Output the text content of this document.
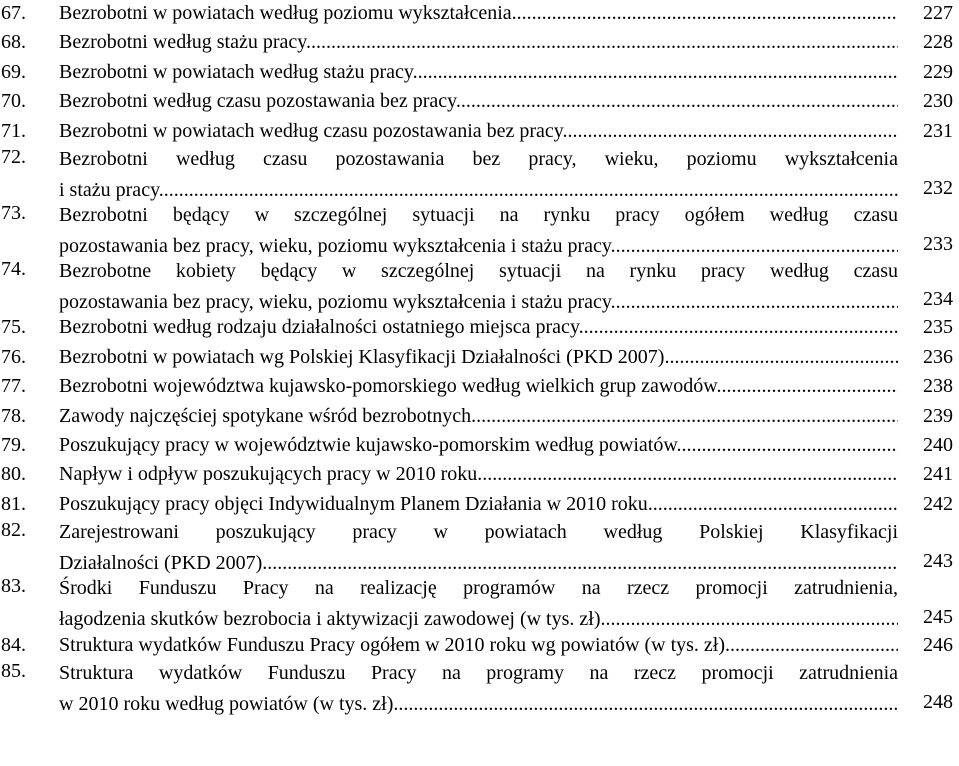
67. Bezrobotni w powiatach według poziomu wykształcenia .....	227
68. Bezrobotni według stażu pracy .....	228
69. Bezrobotni w powiatach według stażu pracy .....	229
70. Bezrobotni według czasu pozostawania bez pracy .....	230
71. Bezrobotni w powiatach według czasu pozostawania bez pracy .....	231
72. Bezrobotni według czasu pozostawania bez pracy, wieku, poziomu wykształcenia
i stażu pracy .....	232
73. Bezrobotni będący w szczególnej sytuacji na rynku pracy ogółem według czasu
pozostawania bez pracy, wieku, poziomu wykształcenia i stażu pracy .....	233
74. Bezrobotne kobiety będący w szczególnej sytuacji na rynku pracy według czasu
pozostawania bez pracy, wieku, poziomu wykształcenia i stażu pracy .....	234
75. Bezrobotni według rodzaju działalności ostatniego miejsca pracy .....	235
76. Bezrobotni w powiatach wg Polskiej Klasyfikacji Działalności (PKD 2007) .....	236
77. Bezrobotni województwa kujawsko-pomorskiego według wielkich grup zawodów .....	238
78. Zawody najczęściej spotykane wśród bezrobotnych .....	239
79. Poszukujący pracy w województwie kujawsko-pomorskim według powiatów .....	240
80. Napływ i odpływ poszukujących pracy w 2010 roku .....	241
81. Poszukujący pracy objęci Indywidualnym Planem Działania w 2010 roku .....	242
82. Zarejestrowani poszukujący pracy w powiatach według Polskiej Klasyfikacji
Działalności (PKD 2007) .....	243
83. Środki Funduszu Pracy na realizację programów na rzecz promocji zatrudnienia,
łagodzenia skutków bezrobocia i aktywizacji zawodowej (w tys. zł) .....	245
84. Struktura wydatków Funduszu Pracy ogółem w 2010 roku wg powiatów (w tys. zł) .....	246
85. Struktura wydatków Funduszu Pracy na programy na rzecz promocji zatrudnienia
w 2010 roku według powiatów (w tys. zł) .....	248
